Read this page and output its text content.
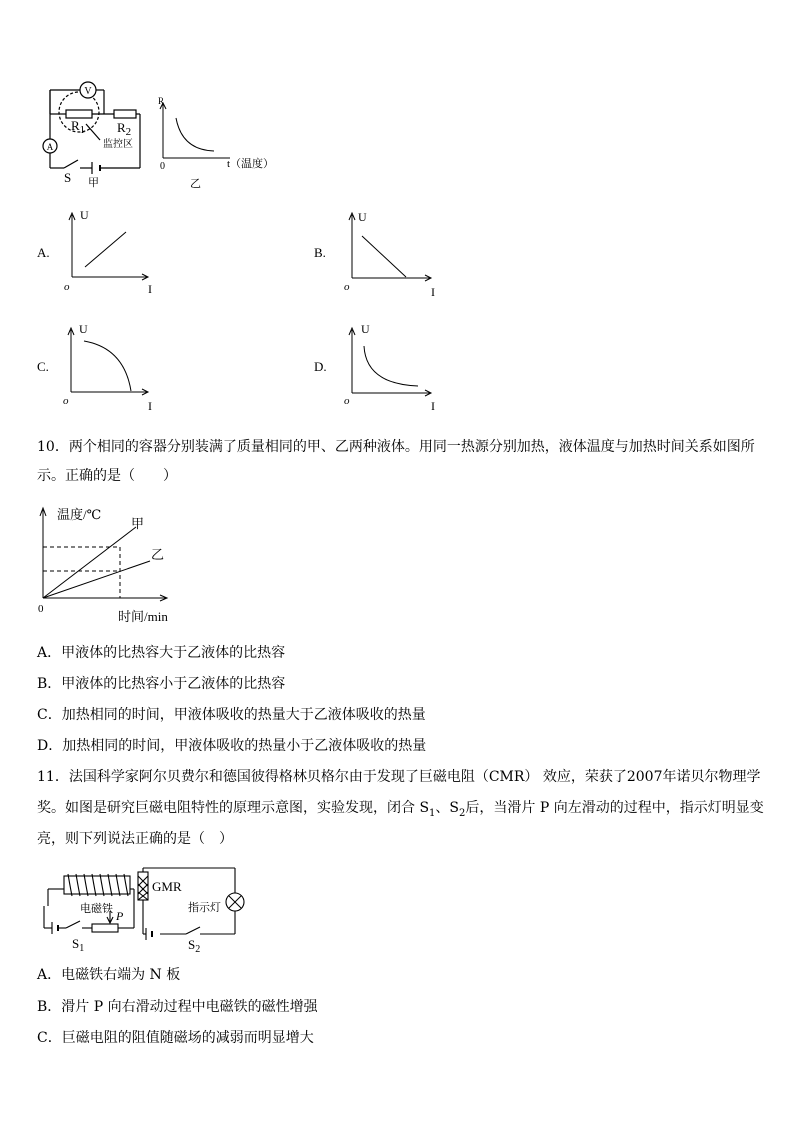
V
A
$R_1$ $R_2$
监控区
S 甲
R
0	t（温度）
乙
A.
U
o	I
B.
U
o	I
C.
U
o	I
D.
U
o	I
10．两个相同的容器分别装满了质量相同的甲、乙两种液体。用同一热源分别加热，液体温度与加热时间关系如图所
示。正确的是（　　）
温度/℃
甲
乙
0	时间/min
A．甲液体的比热容大于乙液体的比热容
B．甲液体的比热容小于乙液体的比热容
C．加热相同的时间，甲液体吸收的热量大于乙液体吸收的热量
D．加热相同的时间，甲液体吸收的热量小于乙液体吸收的热量
11．法国科学家阿尔贝费尔和德国彼得格林贝格尔由于发现了巨磁电阻（CMR） 效应，荣获了2007年诺贝尔物理学
奖。如图是研究巨磁电阻特性的原理示意图，实验发现，闭合 $S_1$、$S_2$后，当滑片 P 向左滑动的过程中，指示灯明显变
亮，则下列说法正确的是（　）
电磁铁 P
$S_1$
GMR
指示灯
$S_2$
A．电磁铁右端为 N 板
B．滑片 P 向右滑动过程中电磁铁的磁性增强
C．巨磁电阻的阻值随磁场的减弱而明显增大
